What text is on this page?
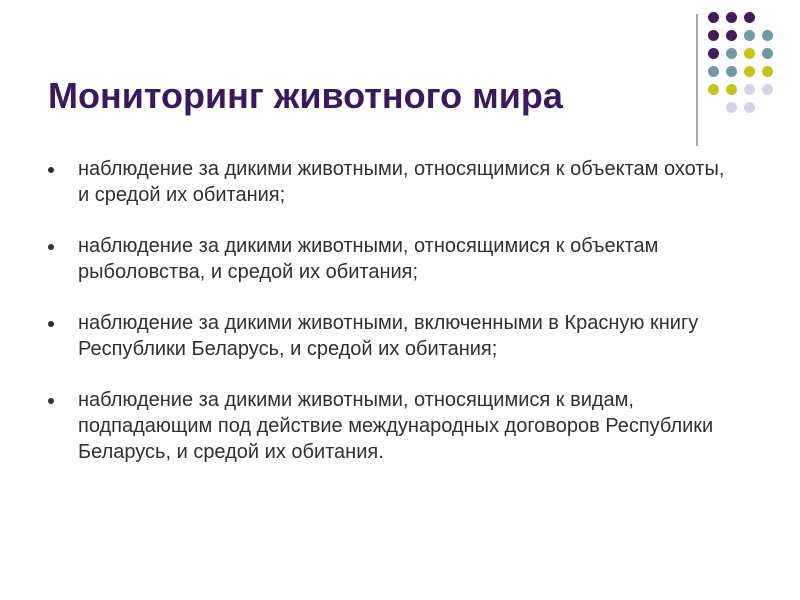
Мониторинг животного мира
наблюдение за дикими животными, относящимися к объектам охоты, и средой их обитания;
наблюдение за дикими животными, относящимися к объектам рыболовства, и средой их обитания;
наблюдение за дикими животными, включенными в Красную книгу Республики Беларусь, и средой их обитания;
наблюдение за дикими животными, относящимися к видам, подпадающим под действие международных договоров Республики Беларусь, и средой их обитания.
